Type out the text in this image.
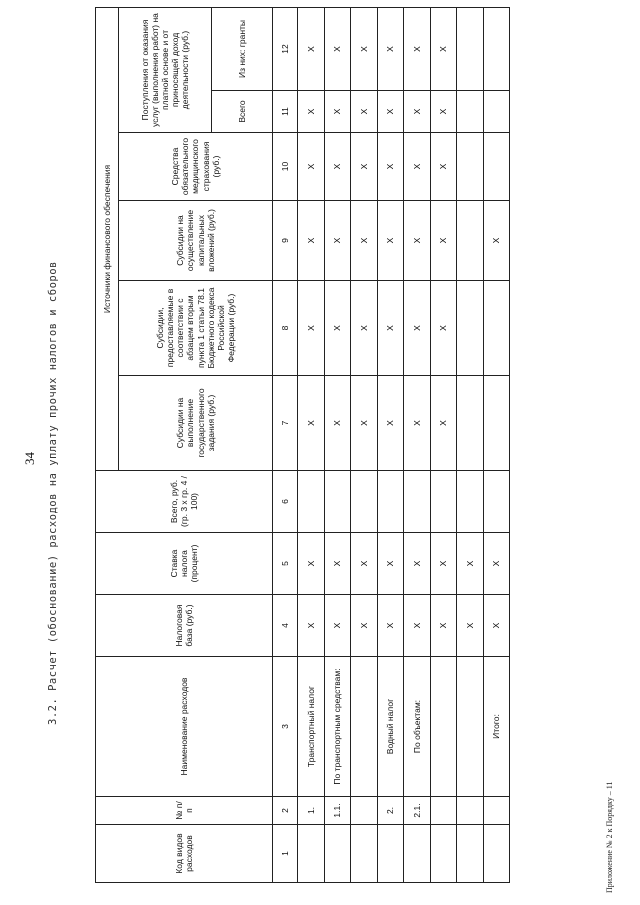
34 3.2. Расчет (обоснование) расходов на уплату прочих налогов и сборов
Код видов расходов	№ п/п	Наименование расходов	Налоговая база (руб.)	Ставка налога (процент)	Всего, руб. (гр. 3 х гр. 4 / 100)	Источники финансового обеспечения					
						Субсидии на выполнение государственного задания (руб.)	Субсидии, предоставляемые в соответствии с абзацем вторым пункта 1 статьи 78.1 Бюджетного кодекса Российской Федерации (руб.)	Субсидии на осуществление капитальных вложений (руб.)	Средства обязательного медицинского страхования (руб.)	Поступления от оказания услуг (выполнения работ) на платной основе и от приносящей доход деятельности (руб.)	
										Всего	Из них: гранты
1	2	3	4	5	6	7	8	9	10	11	12
	1.	Транспортный налог	X	X		X	X	X	X	X	X
	1.1.	По транспортным средствам:	X	X		X	X	X	X	X	X
			X	X		X	X	X	X	X	X
	2.	Водный налог	X	X		X	X	X	X	X	X
	2.1.	По объектам:	X	X		X	X	X	X	X	X
			X	X		X	X	X	X	X	X
			X	X							
		Итого:	X	X				X			
Приложение № 2 к Порядку – 11
